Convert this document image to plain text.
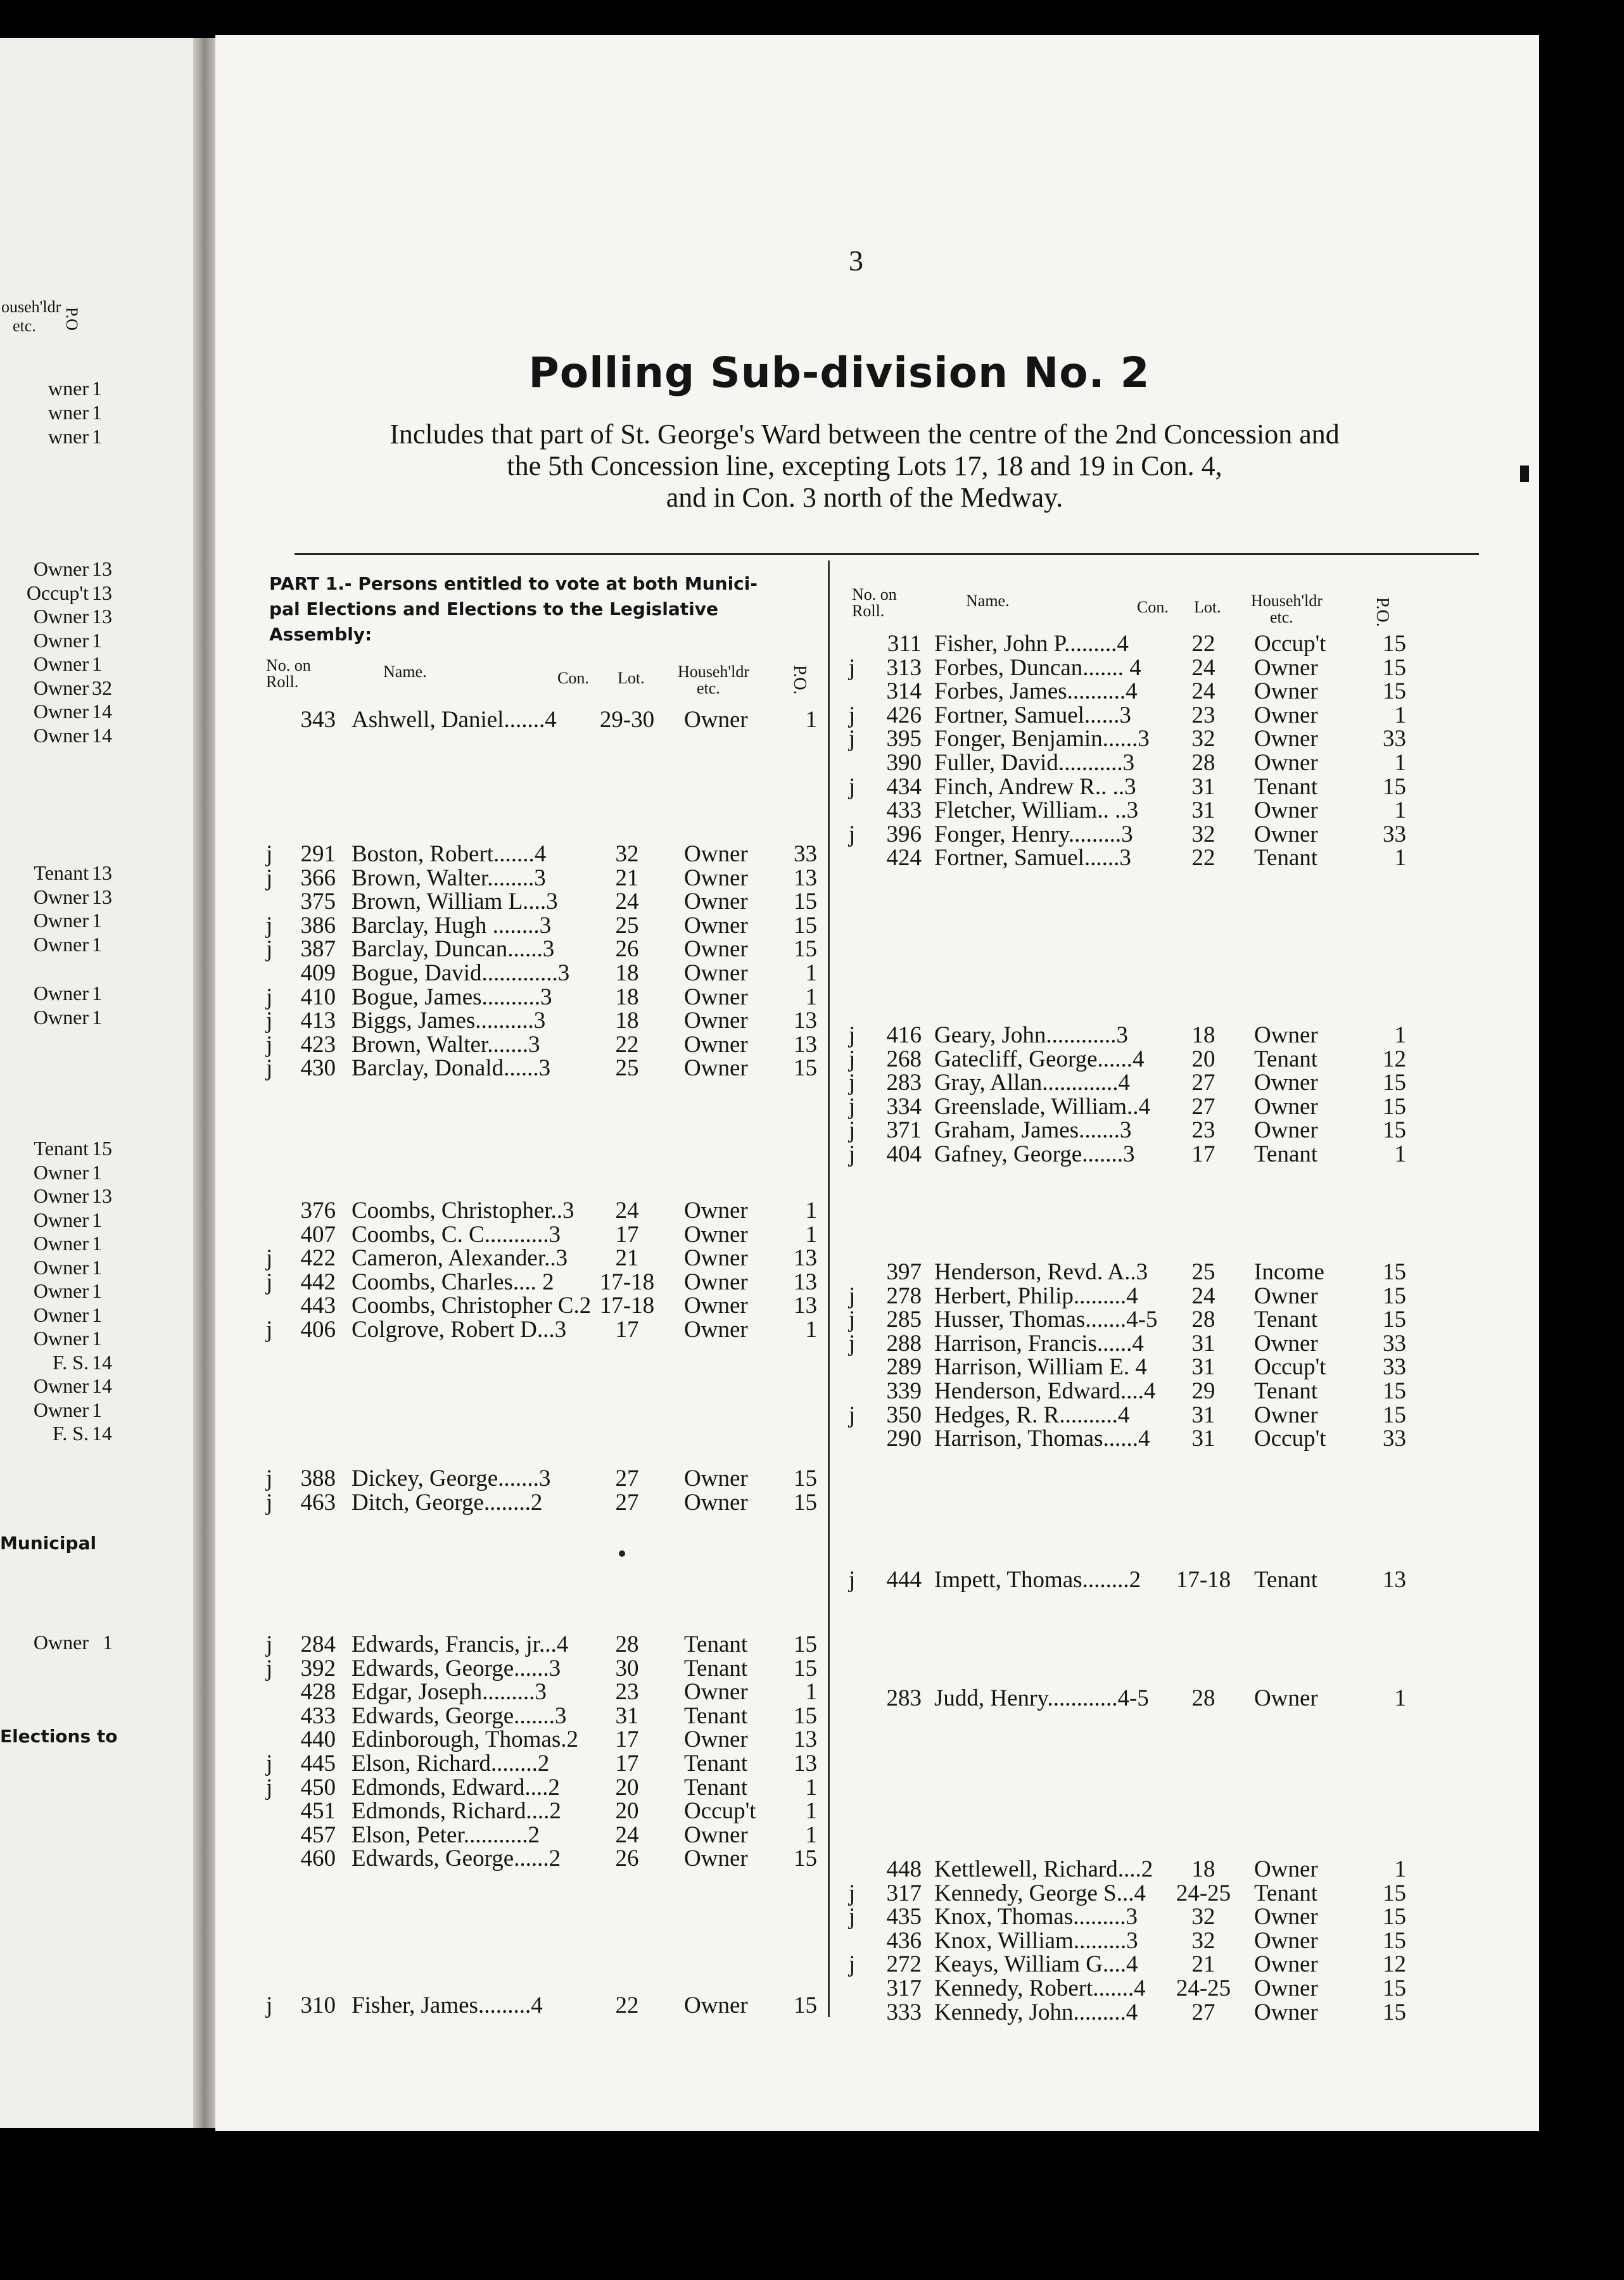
ouseh'ldr
etc. P.O
wner 1
wner 1
wner 1
Owner 13
Occup't 13
Owner 13
Owner 1
Owner 1
Owner 32
Owner 14
Owner 14
Tenant 13
Owner 13
Owner 1
Owner 1
Owner 1
Owner 1
Tenant 15
Owner 1
Owner 13
Owner 1
Owner 1
Owner 1
Owner 1
Owner 1
Owner 1
F. S. 14
Owner 14
Owner 1
F. S. 14
Owner 1
Municipal
Elections to
3
Polling Sub-division No. 2
Includes that part of St. George's Ward between the centre of the 2nd Concession and
the 5th Concession line, excepting Lots 17, 18 and 19 in Con. 4,
and in Con. 3 north of the Medway.
PART 1.- Persons entitled to vote at both Munici-
pal Elections and Elections to the Legislative
Assembly:
No. on
Roll.
Name.	Con. Lot. Househ'ldr
etc.	P.O.
343 Ashwell, Daniel.......4	29-30	Owner	1
j	291 Boston, Robert.......4	32	Owner	33
j	366 Brown, Walter........3	21	Owner	13
375 Brown, William L....3	24	Owner	15
j	386 Barclay, Hugh ........3	25	Owner	15
j	387 Barclay, Duncan......3	26	Owner	15
409 Bogue, David.............3	18	Owner	1
j	410 Bogue, James..........3	18	Owner	1
j	413 Biggs, James..........3	18	Owner	13
j	423 Brown, Walter.......3	22	Owner	13
j	430 Barclay, Donald......3	25	Owner	15
376 Coombs, Christopher..3	24	Owner	1
407 Coombs, C. C...........3	17	Owner	1
j	422 Cameron, Alexander..3	21	Owner	13
j	442 Coombs, Charles.... 2	17-18	Owner	13
443 Coombs, Christopher C.2 17-18	Owner	13
j	406 Colgrove, Robert D...3	17	Owner	1
j	388 Dickey, George.......3	27	Owner	15
j	463 Ditch, George........2	27	Owner	15
j	284 Edwards, Francis, jr...4	28	Tenant	15
j	392 Edwards, George......3	30	Tenant	15
428 Edgar, Joseph.........3	23	Owner	1
433 Edwards, George.......3	31	Tenant	15
440 Edinborough, Thomas.2	17	Owner	13
j	445 Elson, Richard........2	17	Tenant	13
j	450 Edmonds, Edward....2	20	Tenant	1
451 Edmonds, Richard....2	20	Occup't	1
457 Elson, Peter...........2	24	Owner	1
460 Edwards, George......2	26	Owner	15
j	310 Fisher, James.........4	22	Owner	15
No. on
Roll.
Name.	Con. Lot. Househ'ldr
etc.	P.O.
311 Fisher, John P.........4	22	Occup't	15
j	313 Forbes, Duncan....... 4	24	Owner	15
314 Forbes, James..........4	24	Owner	15
j	426 Fortner, Samuel......3	23	Owner	1
j	395 Fonger, Benjamin......3	32	Owner	33
390 Fuller, David...........3	28	Owner	1
j	434 Finch, Andrew R.. ..3	31	Tenant	15
433 Fletcher, William.. ..3	31	Owner	1
j	396 Fonger, Henry.........3	32	Owner	33
424 Fortner, Samuel......3	22	Tenant	1
j	416 Geary, John............3	18	Owner	1
j	268 Gatecliff, George......4	20	Tenant	12
j	283 Gray, Allan.............4	27	Owner	15
j	334 Greenslade, William..4	27	Owner	15
j	371 Graham, James.......3	23	Owner	15
j	404 Gafney, George.......3	17	Tenant	1
397 Henderson, Revd. A..3	25	Income	15
j	278 Herbert, Philip.........4	24	Owner	15
j	285 Husser, Thomas.......4-5	28	Tenant	15
j	288 Harrison, Francis......4	31	Owner	33
289 Harrison, William E. 4	31	Occup't	33
339 Henderson, Edward....4	29	Tenant	15
j	350 Hedges, R. R..........4	31	Owner	15
290 Harrison, Thomas......4	31	Occup't	33
j	444 Impett, Thomas........2	17-18 Tenant	13
283 Judd, Henry............4-5	28	Owner	1
448 Kettlewell, Richard....2	18	Owner	1
j	317 Kennedy, George S...4	24-25 Tenant	15
j	435 Knox, Thomas.........3	32	Owner	15
436 Knox, William.........3	32	Owner	15
j	272 Keays, William G....4	21	Owner	12
317 Kennedy, Robert.......4	24-25 Owner	15
333 Kennedy, John.........4	27	Owner	15
